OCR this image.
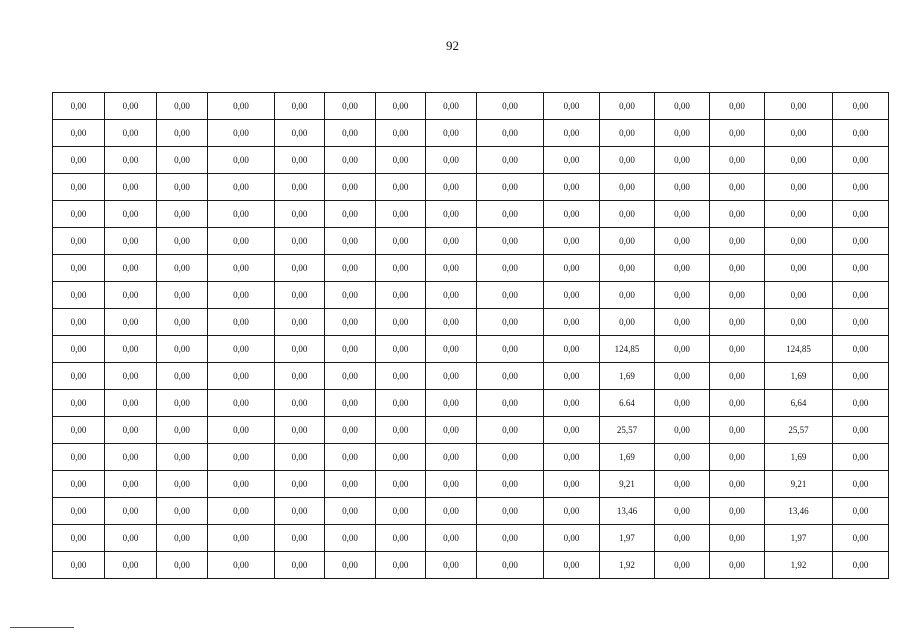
92
0,00	0,00	0,00	0,00	0,00	0,00	0,00	0,00	0,00	0,00	0,00	0,00	0,00	0,00	0,00
0,00	0,00	0,00	0,00	0,00	0,00	0,00	0,00	0,00	0,00	0,00	0,00	0,00	0,00	0,00
0,00	0,00	0,00	0,00	0,00	0,00	0,00	0,00	0,00	0,00	0,00	0,00	0,00	0,00	0,00
0,00	0,00	0,00	0,00	0,00	0,00	0,00	0,00	0,00	0,00	0,00	0,00	0,00	0,00	0,00
0,00	0,00	0,00	0,00	0,00	0,00	0,00	0,00	0,00	0,00	0,00	0,00	0,00	0,00	0,00
0,00	0,00	0,00	0,00	0,00	0,00	0,00	0,00	0,00	0,00	0,00	0,00	0,00	0,00	0,00
0,00	0,00	0,00	0,00	0,00	0,00	0,00	0,00	0,00	0,00	0,00	0,00	0,00	0,00	0,00
0,00	0,00	0,00	0,00	0,00	0,00	0,00	0,00	0,00	0,00	0,00	0,00	0,00	0,00	0,00
0,00	0,00	0,00	0,00	0,00	0,00	0,00	0,00	0,00	0,00	0,00	0,00	0,00	0,00	0,00
0,00	0,00	0,00	0,00	0,00	0,00	0,00	0,00	0,00	0,00	124,85	0,00	0,00	124,85	0,00
0,00	0,00	0,00	0,00	0,00	0,00	0,00	0,00	0,00	0,00	1,69	0,00	0,00	1,69	0,00
0,00	0,00	0,00	0,00	0,00	0,00	0,00	0,00	0,00	0,00	6.64	0,00	0,00	6,64	0,00
0,00	0,00	0,00	0,00	0,00	0,00	0,00	0,00	0,00	0,00	25,57	0,00	0,00	25,57	0,00
0,00	0,00	0,00	0,00	0,00	0,00	0,00	0,00	0,00	0,00	1,69	0,00	0,00	1,69	0,00
0,00	0,00	0,00	0,00	0,00	0,00	0,00	0,00	0,00	0,00	9,21	0,00	0,00	9,21	0,00
0,00	0,00	0,00	0,00	0,00	0,00	0,00	0,00	0,00	0,00	13,46	0,00	0,00	13,46	0,00
0,00	0,00	0,00	0,00	0,00	0,00	0,00	0,00	0,00	0,00	1,97	0,00	0,00	1,97	0,00
0,00	0,00	0,00	0,00	0,00	0,00	0,00	0,00	0,00	0,00	1,92	0,00	0,00	1,92	0,00
